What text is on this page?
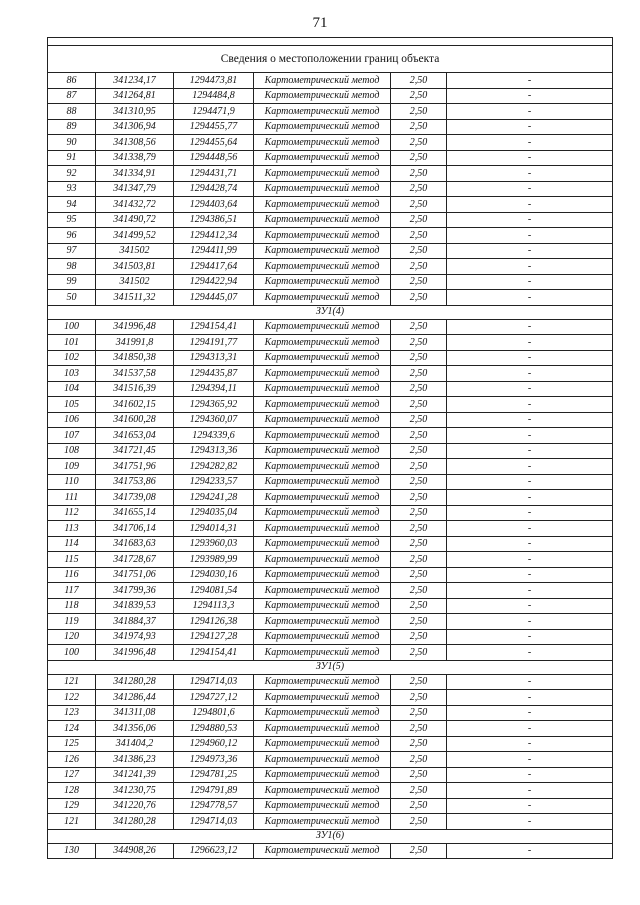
71

Сведения о местоположении границ объекта					
86	341234,17	1294473,81	Картометрический метод	2,50	-
87	341264,81	1294484,8	Картометрический метод	2,50	-
88	341310,95	1294471,9	Картометрический метод	2,50	-
89	341306,94	1294455,77	Картометрический метод	2,50	-
90	341308,56	1294455,64	Картометрический метод	2,50	-
91	341338,79	1294448,56	Картометрический метод	2,50	-
92	341334,91	1294431,71	Картометрический метод	2,50	-
93	341347,79	1294428,74	Картометрический метод	2,50	-
94	341432,72	1294403,64	Картометрический метод	2,50	-
95	341490,72	1294386,51	Картометрический метод	2,50	-
96	341499,52	1294412,34	Картометрический метод	2,50	-
97	341502	1294411,99	Картометрический метод	2,50	-
98	341503,81	1294417,64	Картометрический метод	2,50	-
99	341502	1294422,94	Картометрический метод	2,50	-
50	341511,32	1294445,07	Картометрический метод	2,50	-
ЗУ1(4)					
100	341996,48	1294154,41	Картометрический метод	2,50	-
101	341991,8	1294191,77	Картометрический метод	2,50	-
102	341850,38	1294313,31	Картометрический метод	2,50	-
103	341537,58	1294435,87	Картометрический метод	2,50	-
104	341516,39	1294394,11	Картометрический метод	2,50	-
105	341602,15	1294365,92	Картометрический метод	2,50	-
106	341600,28	1294360,07	Картометрический метод	2,50	-
107	341653,04	1294339,6	Картометрический метод	2,50	-
108	341721,45	1294313,36	Картометрический метод	2,50	-
109	341751,96	1294282,82	Картометрический метод	2,50	-
110	341753,86	1294233,57	Картометрический метод	2,50	-
111	341739,08	1294241,28	Картометрический метод	2,50	-
112	341655,14	1294035,04	Картометрический метод	2,50	-
113	341706,14	1294014,31	Картометрический метод	2,50	-
114	341683,63	1293960,03	Картометрический метод	2,50	-
115	341728,67	1293989,99	Картометрический метод	2,50	-
116	341751,06	1294030,16	Картометрический метод	2,50	-
117	341799,36	1294081,54	Картометрический метод	2,50	-
118	341839,53	1294113,3	Картометрический метод	2,50	-
119	341884,37	1294126,38	Картометрический метод	2,50	-
120	341974,93	1294127,28	Картометрический метод	2,50	-
100	341996,48	1294154,41	Картометрический метод	2,50	-
ЗУ1(5)					
121	341280,28	1294714,03	Картометрический метод	2,50	-
122	341286,44	1294727,12	Картометрический метод	2,50	-
123	341311,08	1294801,6	Картометрический метод	2,50	-
124	341356,06	1294880,53	Картометрический метод	2,50	-
125	341404,2	1294960,12	Картометрический метод	2,50	-
126	341386,23	1294973,36	Картометрический метод	2,50	-
127	341241,39	1294781,25	Картометрический метод	2,50	-
128	341230,75	1294791,89	Картометрический метод	2,50	-
129	341220,76	1294778,57	Картометрический метод	2,50	-
121	341280,28	1294714,03	Картометрический метод	2,50	-
ЗУ1(6)					
130	344908,26	1296623,12	Картометрический метод	2,50	-
